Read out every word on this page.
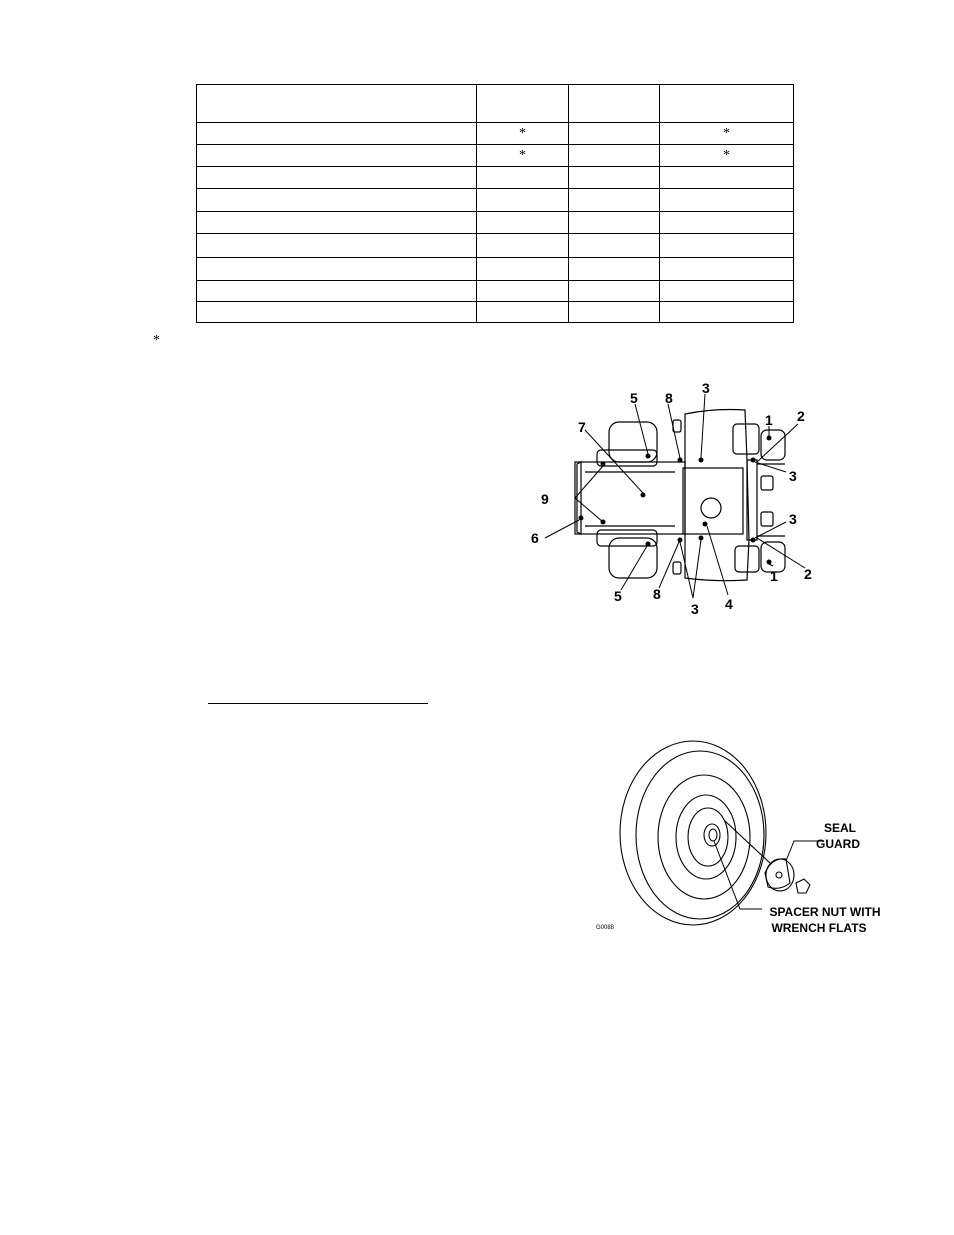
	*		*
	*		*

*
5 8
3
1 2
7
3
9
3
6
5 8
3 4
1 2
SEAL
GUARD
SPACER NUT WITH
WRENCH FLATS
G0088
